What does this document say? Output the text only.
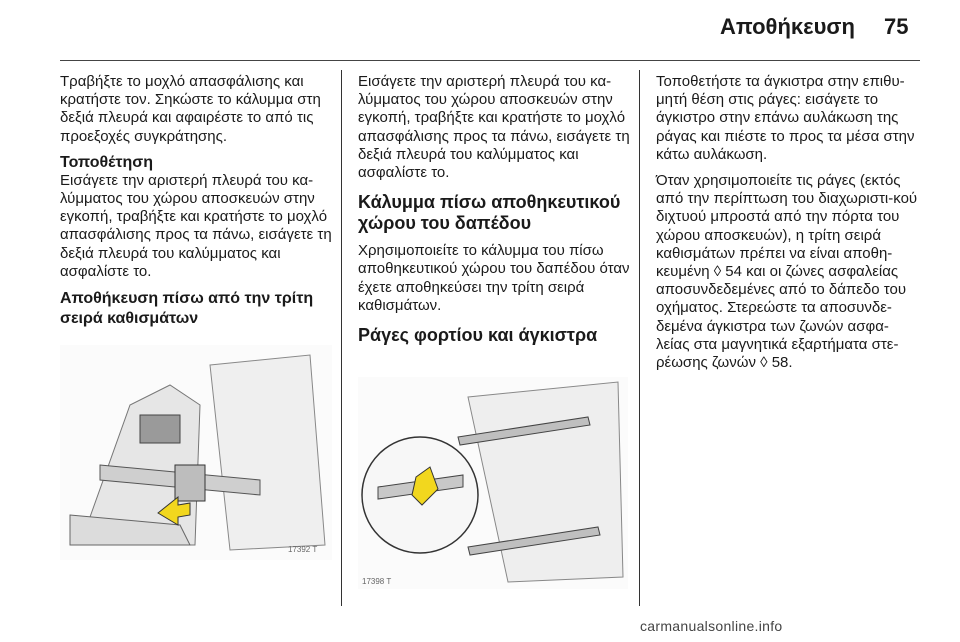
Αποθήκευση 75

Τραβήξτε το μοχλό απασφάλισης και κρατήστε τον. Σηκώστε το κάλυμμα στη δεξιά πλευρά και αφαιρέστε το από τις προεξοχές συγκράτησης.

Τοποθέτηση

Εισάγετε την αριστερή πλευρά του κα-λύμματος του χώρου αποσκευών στην εγκοπή, τραβήξτε και κρατήστε το μοχλό απασφάλισης προς τα πάνω, εισάγετε τη δεξιά πλευρά του καλύμματος και ασφαλίστε το.

Αποθήκευση πίσω από την τρίτη σειρά καθισμάτων
17392 T

Εισάγετε την αριστερή πλευρά του κα-λύμματος του χώρου αποσκευών στην εγκοπή, τραβήξτε και κρατήστε το μοχλό απασφάλισης προς τα πάνω, εισάγετε τη δεξιά πλευρά του καλύμματος και ασφαλίστε το.

Κάλυμμα πίσω αποθηκευτικού χώρου του δαπέδου

Χρησιμοποιείτε το κάλυμμα του πίσω αποθηκευτικού χώρου του δαπέδου όταν έχετε αποθηκεύσει την τρίτη σειρά καθισμάτων.

Ράγες φορτίου και άγκιστρα
17398 T

Τοποθετήστε τα άγκιστρα στην επιθυ-μητή θέση στις ράγες: εισάγετε το άγκιστρο στην επάνω αυλάκωση της ράγας και πιέστε το προς τα μέσα στην κάτω αυλάκωση.

Όταν χρησιμοποιείτε τις ράγες (εκτός από την περίπτωση του διαχωριστι-κού διχτυού μπροστά από την πόρτα του χώρου αποσκευών), η τρίτη σειρά καθισμάτων πρέπει να είναι αποθη-κευμένη ◊ 54 και οι ζώνες ασφαλείας αποσυνδεδεμένες από το δάπεδο του οχήματος. Στερεώστε τα αποσυνδε-δεμένα άγκιστρα των ζωνών ασφα-λείας στα μαγνητικά εξαρτήματα στε-ρέωσης ζωνών ◊ 58.

carmanualsonline.info
